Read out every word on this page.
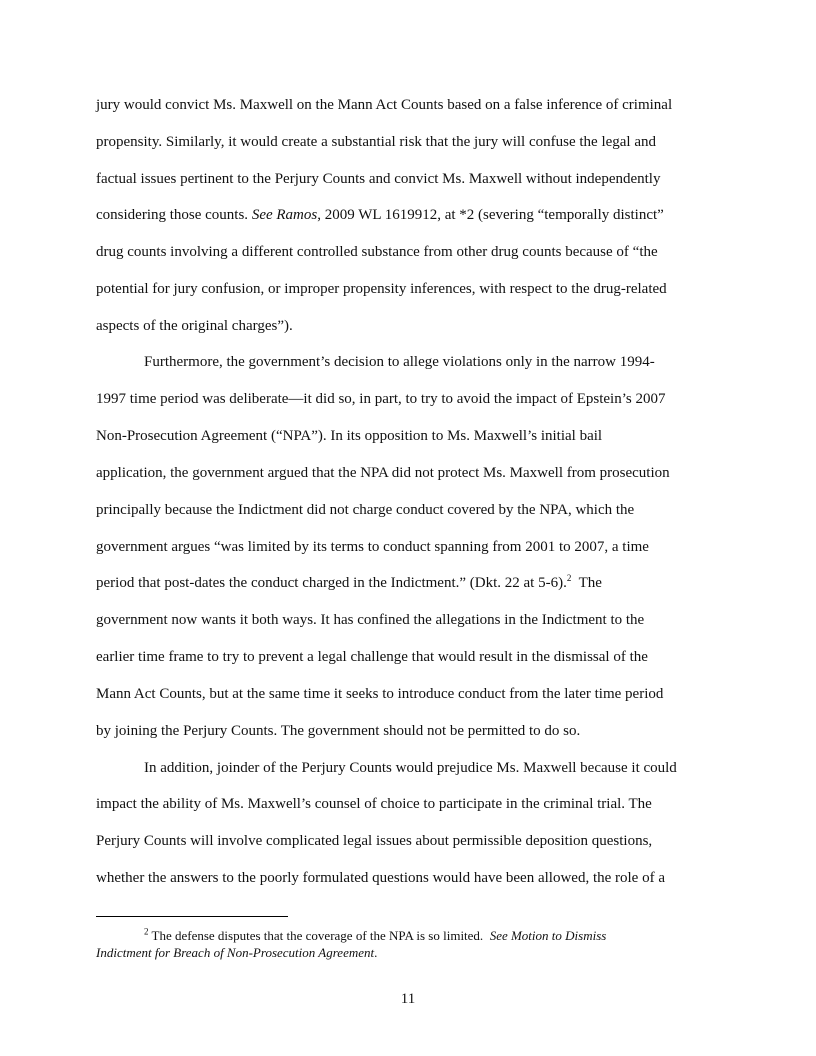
jury would convict Ms. Maxwell on the Mann Act Counts based on a false inference of criminal
propensity. Similarly, it would create a substantial risk that the jury will confuse the legal and
factual issues pertinent to the Perjury Counts and convict Ms. Maxwell without independently
considering those counts. See Ramos, 2009 WL 1619912, at *2 (severing “temporally distinct”
drug counts involving a different controlled substance from other drug counts because of “the
potential for jury confusion, or improper propensity inferences, with respect to the drug-related
aspects of the original charges”).
Furthermore, the government’s decision to allege violations only in the narrow 1994-
1997 time period was deliberate—it did so, in part, to try to avoid the impact of Epstein’s 2007
Non-Prosecution Agreement (“NPA”). In its opposition to Ms. Maxwell’s initial bail
application, the government argued that the NPA did not protect Ms. Maxwell from prosecution
principally because the Indictment did not charge conduct covered by the NPA, which the
government argues “was limited by its terms to conduct spanning from 2001 to 2007, a time
period that post-dates the conduct charged in the Indictment.” (Dkt. 22 at 5-6).$^2$  The
government now wants it both ways. It has confined the allegations in the Indictment to the
earlier time frame to try to prevent a legal challenge that would result in the dismissal of the
Mann Act Counts, but at the same time it seeks to introduce conduct from the later time period
by joining the Perjury Counts. The government should not be permitted to do so.
In addition, joinder of the Perjury Counts would prejudice Ms. Maxwell because it could
impact the ability of Ms. Maxwell’s counsel of choice to participate in the criminal trial. The
Perjury Counts will involve complicated legal issues about permissible deposition questions,
whether the answers to the poorly formulated questions would have been allowed, the role of a
$^2$ The defense disputes that the coverage of the NPA is so limited.  See Motion to Dismiss
Indictment for Breach of Non-Prosecution Agreement.
11
